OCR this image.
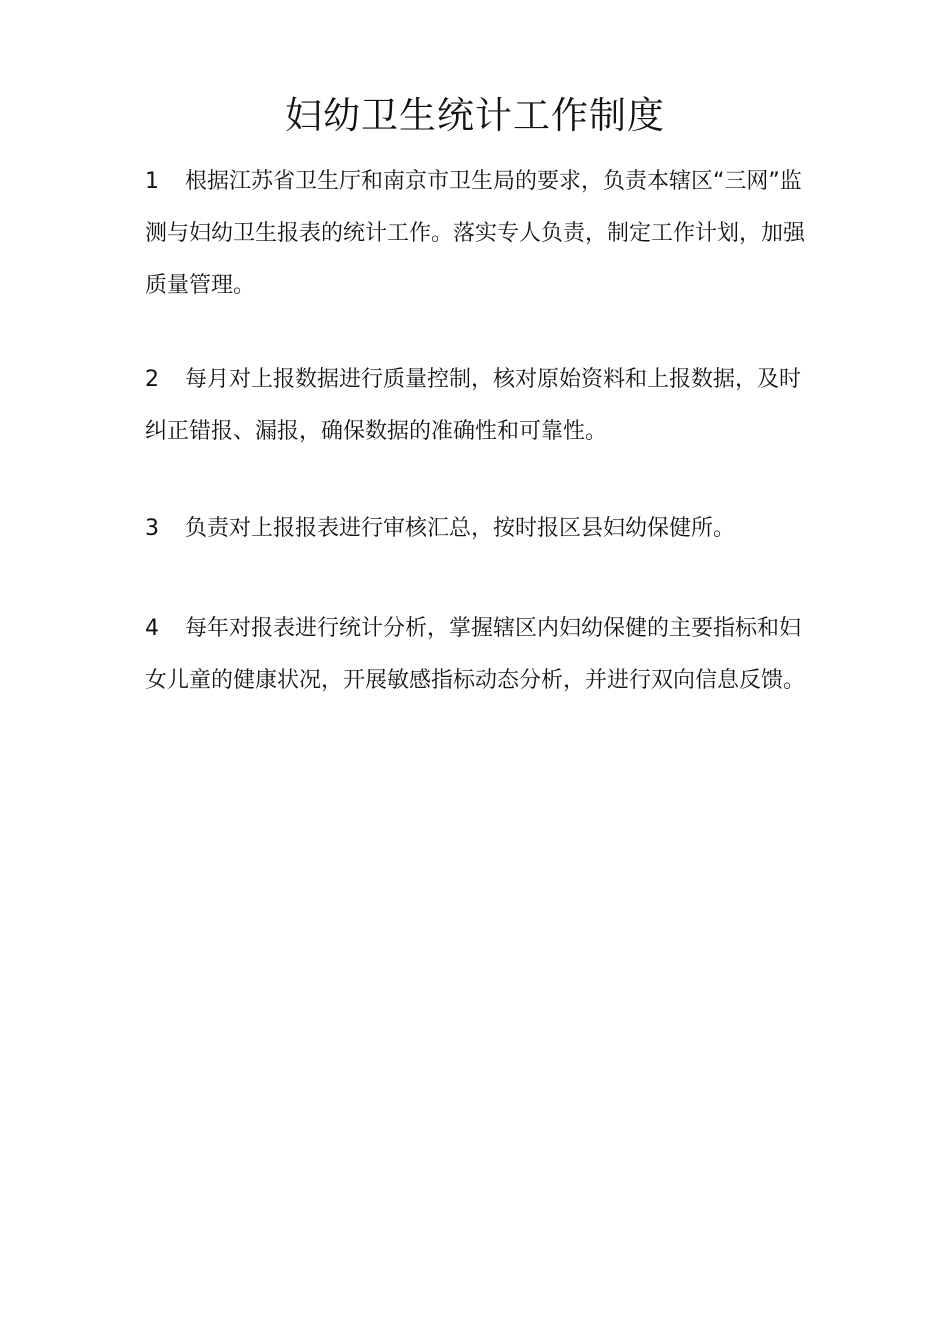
妇幼卫生统计工作制度

1 根据江苏省卫生厅和南京市卫生局的要求，负责本辖区“三网”监测与妇幼卫生报表的统计工作。落实专人负责，制定工作计划，加强质量管理。

2 每月对上报数据进行质量控制，核对原始资料和上报数据，及时纠正错报、漏报，确保数据的准确性和可靠性。

3 负责对上报报表进行审核汇总，按时报区县妇幼保健所。

4 每年对报表进行统计分析，掌握辖区内妇幼保健的主要指标和妇女儿童的健康状况，开展敏感指标动态分析，并进行双向信息反馈。
